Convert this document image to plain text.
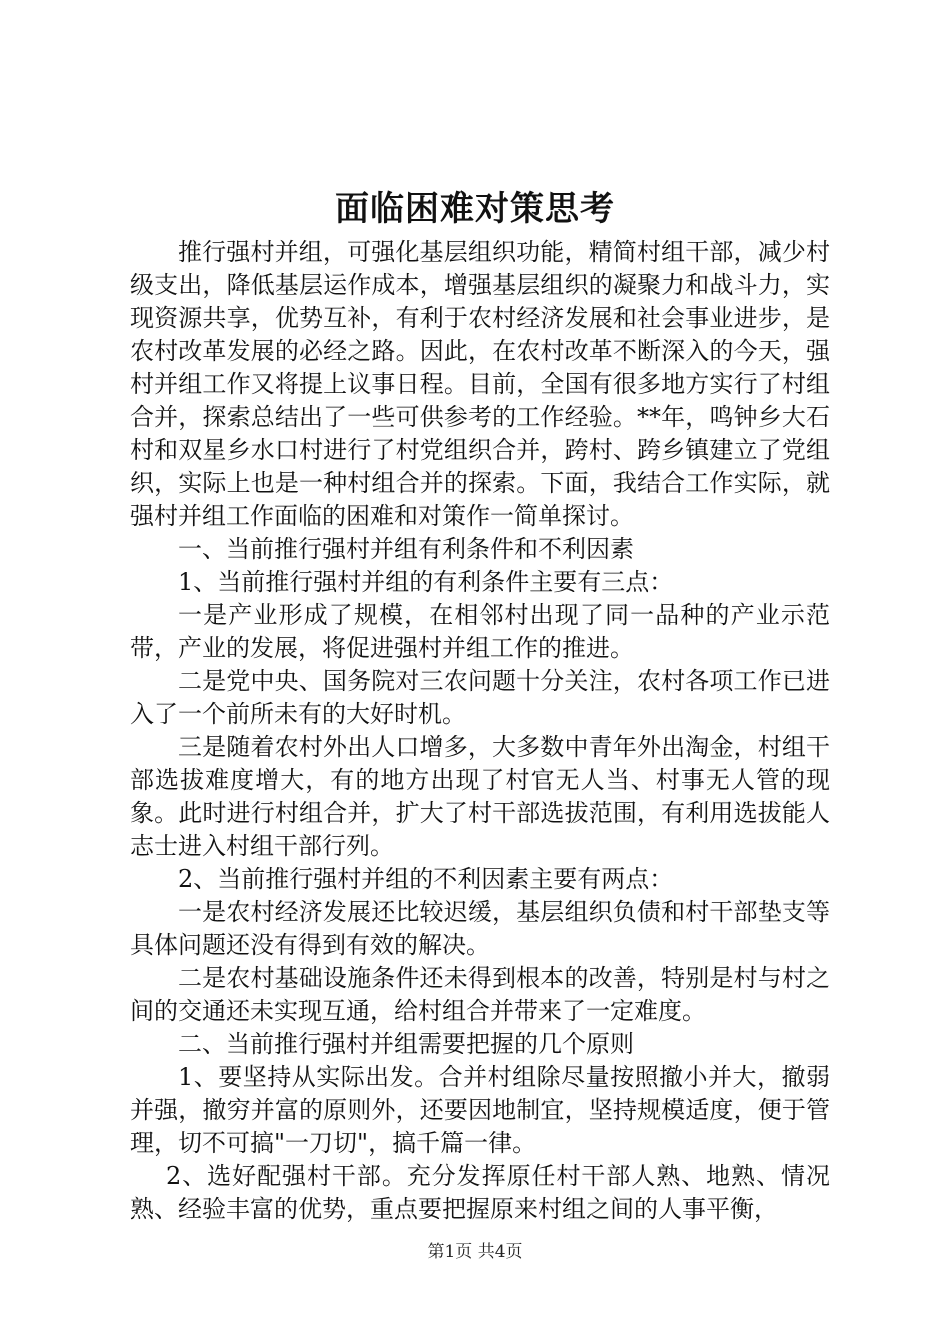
面临困难对策思考

推行强村并组，可强化基层组织功能，精简村组干部，减少村级支出，降低基层运作成本，增强基层组织的凝聚力和战斗力，实现资源共享，优势互补，有利于农村经济发展和社会事业进步，是农村改革发展的必经之路。因此，在农村改革不断深入的今天，强村并组工作又将提上议事日程。目前，全国有很多地方实行了村组合并，探索总结出了一些可供参考的工作经验。**年，鸣钟乡大石村和双星乡水口村进行了村党组织合并，跨村、跨乡镇建立了党组织，实际上也是一种村组合并的探索。下面，我结合工作实际，就强村并组工作面临的困难和对策作一简单探讨。

一、当前推行强村并组有利条件和不利因素

1、当前推行强村并组的有利条件主要有三点：

一是产业形成了规模，在相邻村出现了同一品种的产业示范带，产业的发展，将促进强村并组工作的推进。

二是党中央、国务院对三农问题十分关注，农村各项工作已进入了一个前所未有的大好时机。

三是随着农村外出人口增多，大多数中青年外出淘金，村组干部选拔难度增大，有的地方出现了村官无人当、村事无人管的现象。此时进行村组合并，扩大了村干部选拔范围，有利用选拔能人志士进入村组干部行列。

2、当前推行强村并组的不利因素主要有两点：

一是农村经济发展还比较迟缓，基层组织负债和村干部垫支等具体问题还没有得到有效的解决。

二是农村基础设施条件还未得到根本的改善，特别是村与村之间的交通还未实现互通，给村组合并带来了一定难度。

二、当前推行强村并组需要把握的几个原则

1、要坚持从实际出发。合并村组除尽量按照撤小并大，撤弱并强，撤穷并富的原则外，还要因地制宜，坚持规模适度，便于管理，切不可搞"一刀切"，搞千篇一律。

2、选好配强村干部。充分发挥原任村干部人熟、地熟、情况熟、经验丰富的优势，重点要把握原来村组之间的人事平衡，

第1页 共4页
